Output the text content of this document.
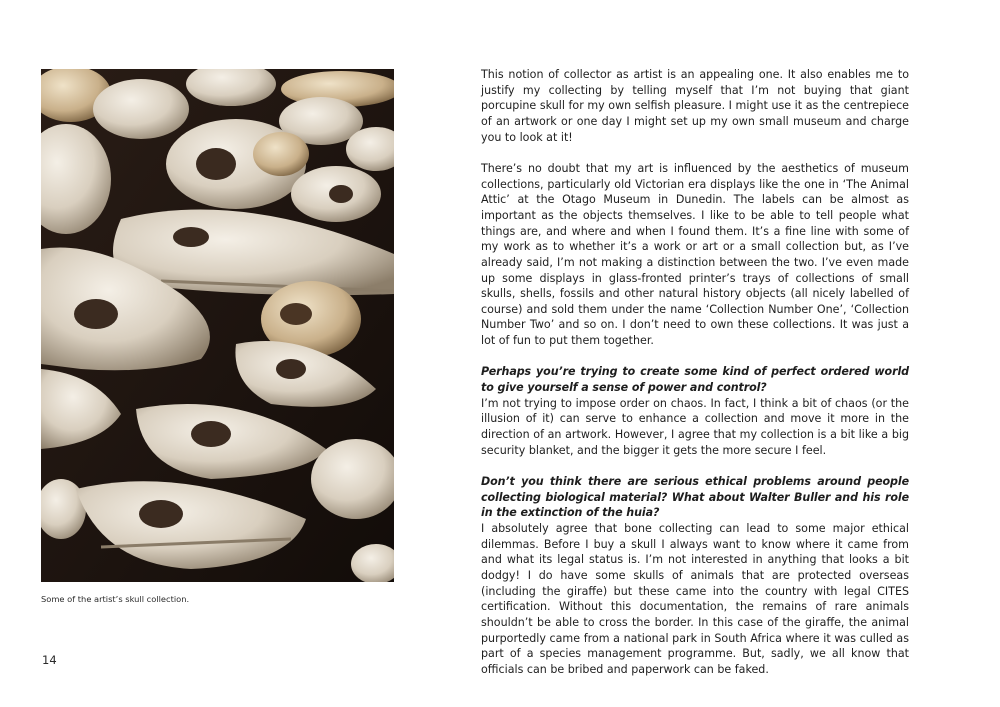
Some of the artist’s skull collection.
14

This notion of collector as artist is an appealing one. It also enables me to justify my collecting by telling myself that I’m not buying that giant porcupine skull for my own selfish pleasure. I might use it as the centrepiece of an artwork or one day I might set up my own small museum and charge you to look at it!

There’s no doubt that my art is influenced by the aesthetics of museum collections, particularly old Victorian era displays like the one in ‘The Animal Attic’ at the Otago Museum in Dunedin. The labels can be almost as important as the objects themselves. I like to be able to tell people what things are, and where and when I found them. It’s a fine line with some of my work as to whether it’s a work or art or a small collection but, as I’ve already said, I’m not making a distinction between the two. I’ve even made up some displays in glass-fronted printer’s trays of collections of small skulls, shells, fossils and other natural history objects (all nicely labelled of course) and sold them under the name ‘Collection Number One’, ‘Collection Number Two’ and so on. I don’t need to own these collections. It was just a lot of fun to put them together.

Perhaps you’re trying to create some kind of perfect ordered world to give yourself a sense of power and control?

I’m not trying to impose order on chaos. In fact, I think a bit of chaos (or the illusion of it) can serve to enhance a collection and move it more in the direction of an artwork. However, I agree that my collection is a bit like a big security blanket, and the bigger it gets the more secure I feel.

Don’t you think there are serious ethical problems around people collecting biological material? What about Walter Buller and his role in the extinction of the huia?

I absolutely agree that bone collecting can lead to some major ethical dilemmas. Before I buy a skull I always want to know where it came from and what its legal status is. I’m not interested in anything that looks a bit dodgy! I do have some skulls of animals that are protected overseas (including the giraffe) but these came into the country with legal CITES certification. Without this documentation, the remains of rare animals shouldn’t be able to cross the border. In this case of the giraffe, the animal purportedly came from a national park in South Africa where it was culled as part of a species management programme. But, sadly, we all know that officials can be bribed and paperwork can be faked.
